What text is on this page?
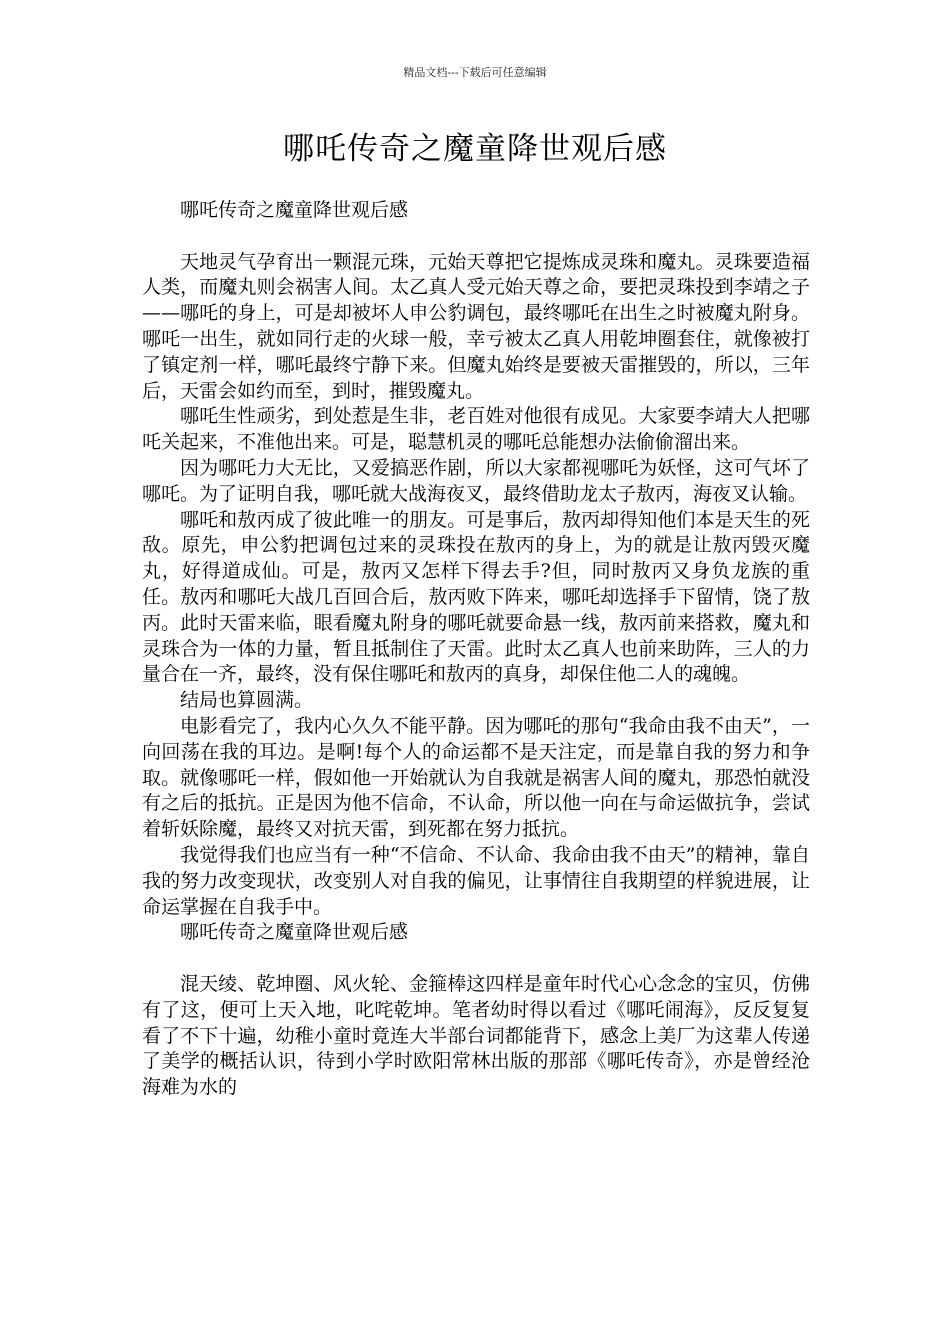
精品文档---下载后可任意编辑
哪吒传奇之魔童降世观后感

哪吒传奇之魔童降世观后感

天地灵气孕育出一颗混元珠，元始天尊把它提炼成灵珠和魔丸。灵珠要造福人类，而魔丸则会祸害人间。太乙真人受元始天尊之命，要把灵珠投到李靖之子——哪吒的身上，可是却被坏人申公豹调包，最终哪吒在出生之时被魔丸附身。哪吒一出生，就如同行走的火球一般，幸亏被太乙真人用乾坤圈套住，就像被打了镇定剂一样，哪吒最终宁静下来。但魔丸始终是要被天雷摧毁的，所以，三年后，天雷会如约而至，到时，摧毁魔丸。

哪吒生性顽劣，到处惹是生非，老百姓对他很有成见。大家要李靖大人把哪吒关起来，不准他出来。可是，聪慧机灵的哪吒总能想办法偷偷溜出来。

因为哪吒力大无比，又爱搞恶作剧，所以大家都视哪吒为妖怪，这可气坏了哪吒。为了证明自我，哪吒就大战海夜叉，最终借助龙太子敖丙，海夜叉认输。

哪吒和敖丙成了彼此唯一的朋友。可是事后，敖丙却得知他们本是天生的死敌。原先，申公豹把调包过来的灵珠投在敖丙的身上，为的就是让敖丙毁灭魔丸，好得道成仙。可是，敖丙又怎样下得去手?但，同时敖丙又身负龙族的重任。敖丙和哪吒大战几百回合后，敖丙败下阵来，哪吒却选择手下留情，饶了敖丙。此时天雷来临，眼看魔丸附身的哪吒就要命悬一线，敖丙前来搭救，魔丸和灵珠合为一体的力量，暂且抵制住了天雷。此时太乙真人也前来助阵，三人的力量合在一齐，最终，没有保住哪吒和敖丙的真身，却保住他二人的魂魄。

结局也算圆满。

电影看完了，我内心久久不能平静。因为哪吒的那句“我命由我不由天”，一向回荡在我的耳边。是啊!每个人的命运都不是天注定，而是靠自我的努力和争取。就像哪吒一样，假如他一开始就认为自我就是祸害人间的魔丸，那恐怕就没有之后的抵抗。正是因为他不信命，不认命，所以他一向在与命运做抗争，尝试着斩妖除魔，最终又对抗天雷，到死都在努力抵抗。

我觉得我们也应当有一种“不信命、不认命、我命由我不由天”的精神，靠自我的努力改变现状，改变别人对自我的偏见，让事情往自我期望的样貌进展，让命运掌握在自我手中。

哪吒传奇之魔童降世观后感

混天绫、乾坤圈、风火轮、金箍棒这四样是童年时代心心念念的宝贝，仿佛有了这，便可上天入地，叱咤乾坤。笔者幼时得以看过《哪吒闹海》，反反复复看了不下十遍，幼稚小童时竟连大半部台词都能背下，感念上美厂为这辈人传递了美学的概括认识，待到小学时欧阳常林出版的那部《哪吒传奇》，亦是曾经沧海难为水的
